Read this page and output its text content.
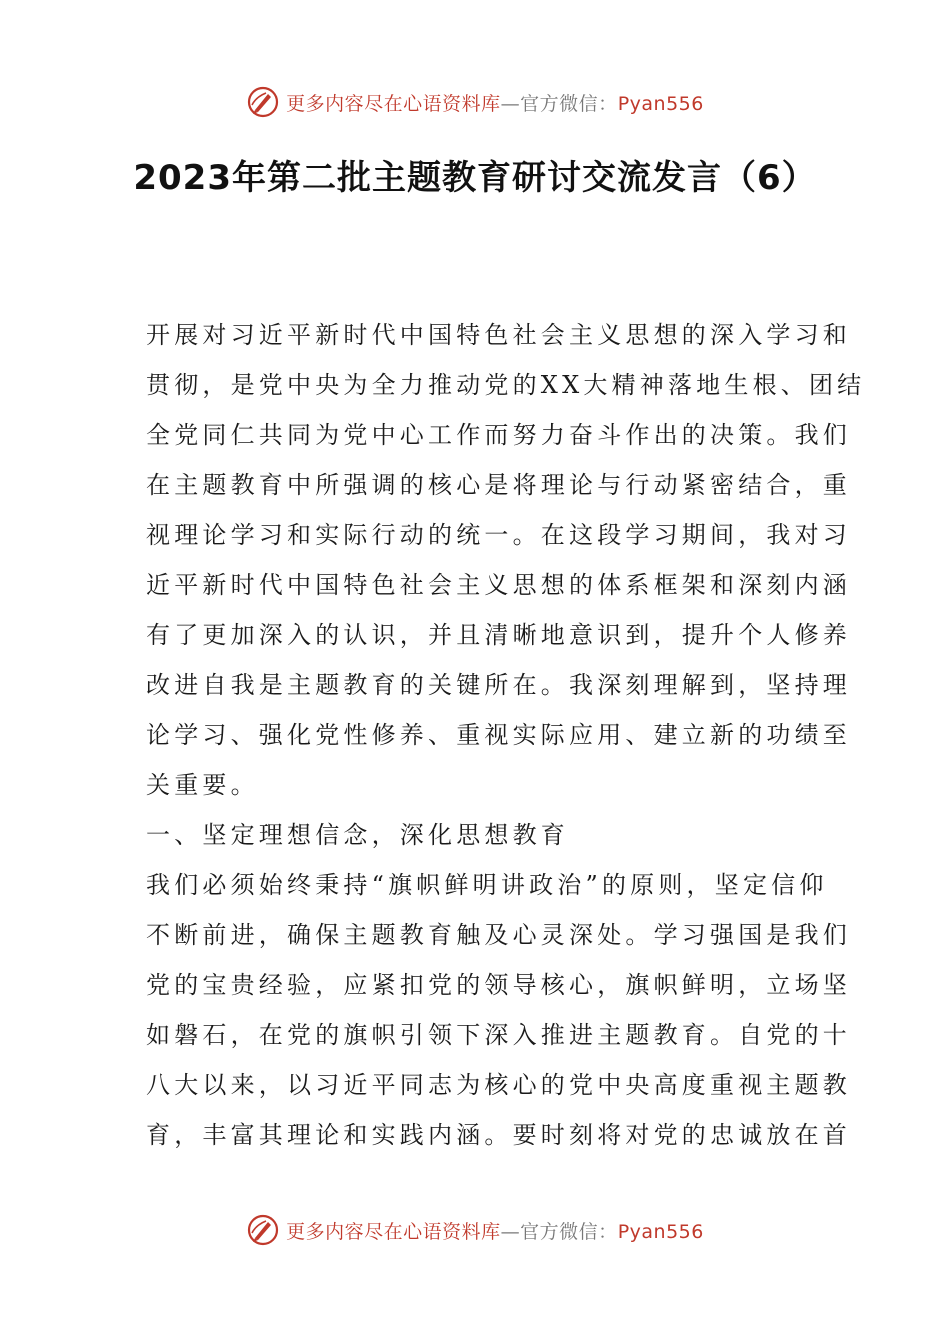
更多内容尽在心语资料库—官方微信：Pyan556
2023年第二批主题教育研讨交流发言（6）
开展对习近平新时代中国特色社会主义思想的深入学习和
贯彻，是党中央为全力推动党的XX大精神落地生根、团结
全党同仁共同为党中心工作而努力奋斗作出的决策。我们
在主题教育中所强调的核心是将理论与行动紧密结合，重
视理论学习和实际行动的统一。在这段学习期间，我对习
近平新时代中国特色社会主义思想的体系框架和深刻内涵
有了更加深入的认识，并且清晰地意识到，提升个人修养
改进自我是主题教育的关键所在。我深刻理解到，坚持理
论学习、强化党性修养、重视实际应用、建立新的功绩至
关重要。
一、坚定理想信念，深化思想教育
我们必须始终秉持“旗帜鲜明讲政治”的原则，坚定信仰
不断前进，确保主题教育触及心灵深处。学习强国是我们
党的宝贵经验，应紧扣党的领导核心，旗帜鲜明，立场坚
如磐石，在党的旗帜引领下深入推进主题教育。自党的十
八大以来，以习近平同志为核心的党中央高度重视主题教
育，丰富其理论和实践内涵。要时刻将对党的忠诚放在首
更多内容尽在心语资料库—官方微信：Pyan556
